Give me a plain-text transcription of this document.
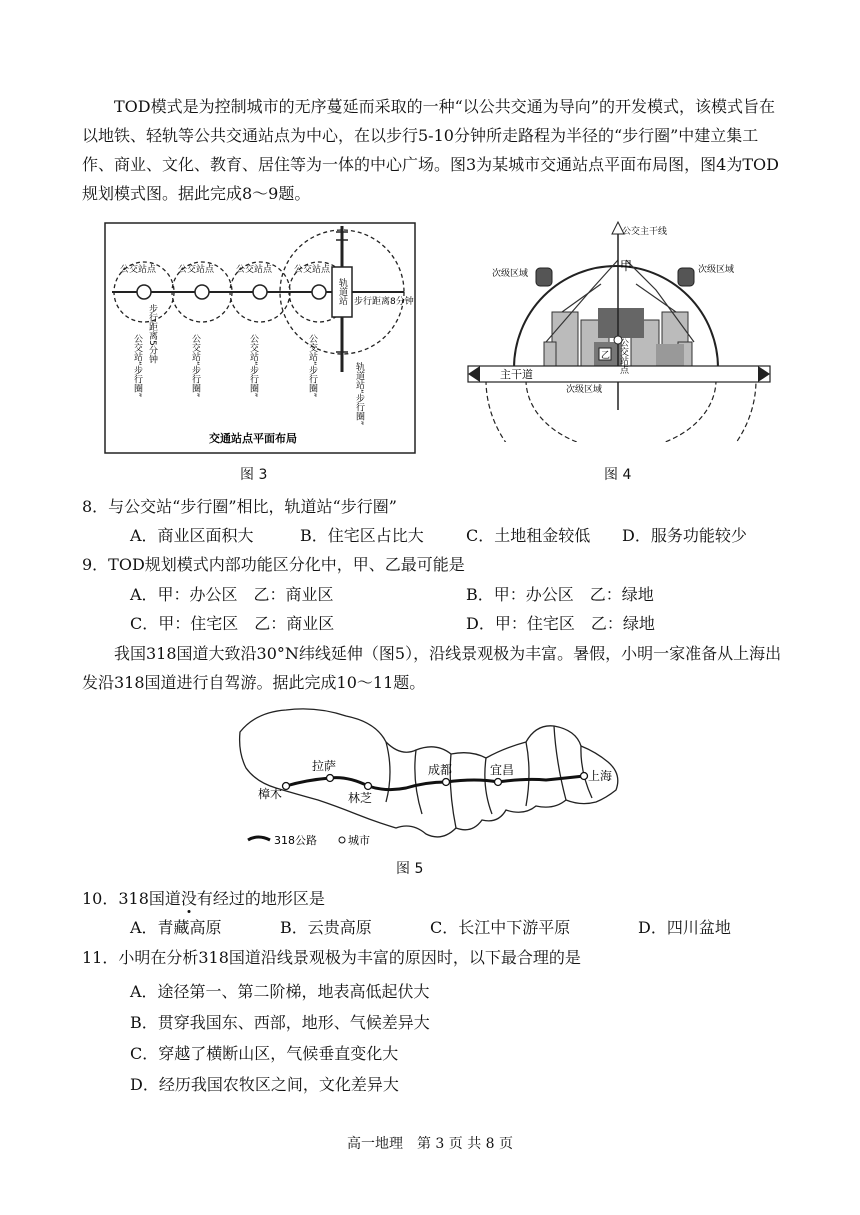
TOD模式是为控制城市的无序蔓延而采取的一种“以公共交通为导向”的开发模式，该模式旨在以地铁、轻轨等公共交通站点为中心，在以步行5-10分钟所走路程为半径的“步行圈”中建立集工作、商业、文化、教育、居住等为一体的中心广场。图3为某城市交通站点平面布局图，图4为TOD规划模式图。据此完成8～9题。

轨道站
公交站点 公交站点 公交站点 公交站点
步行距离8分钟
步行距离5分钟
公交站“步行圈”	公交站“步行圈”	公交站“步行圈”	公交站“步行圈”	轨道站“步行圈”
交通站点平面布局
图 3
公交主干线
次级区域	次级区域
次级区域
公交站点
甲
乙
主干道
图 4

8．与公交站“步行圈”相比，轨道站“步行圈”

A．商业区面积大	B．住宅区占比大	C．土地租金较低 D．服务功能较少

9．TOD规划模式内部功能区分化中，甲、乙最可能是

A．甲：办公区　乙：商业区	B．甲：办公区　乙：绿地

C．甲：住宅区　乙：商业区	D．甲：住宅区　乙：绿地

我国318国道大致沿30°N纬线延伸（图5），沿线景观极为丰富。暑假，小明一家准备从上海出发沿318国道进行自驾游。据此完成10～11题。

樟木
拉萨
林芝
成都	宜昌	上海
318公路	城市
图 5

10．318国道没有经过的地形区是

A．青藏高原	B．云贵高原	C．长江中下游平原	D．四川盆地

11．小明在分析318国道沿线景观极为丰富的原因时，以下最合理的是

A．途径第一、第二阶梯，地表高低起伏大

B．贯穿我国东、西部，地形、气候差异大

C．穿越了横断山区，气候垂直变化大

D．经历我国农牧区之间，文化差异大

高一地理　第 3 页 共 8 页
